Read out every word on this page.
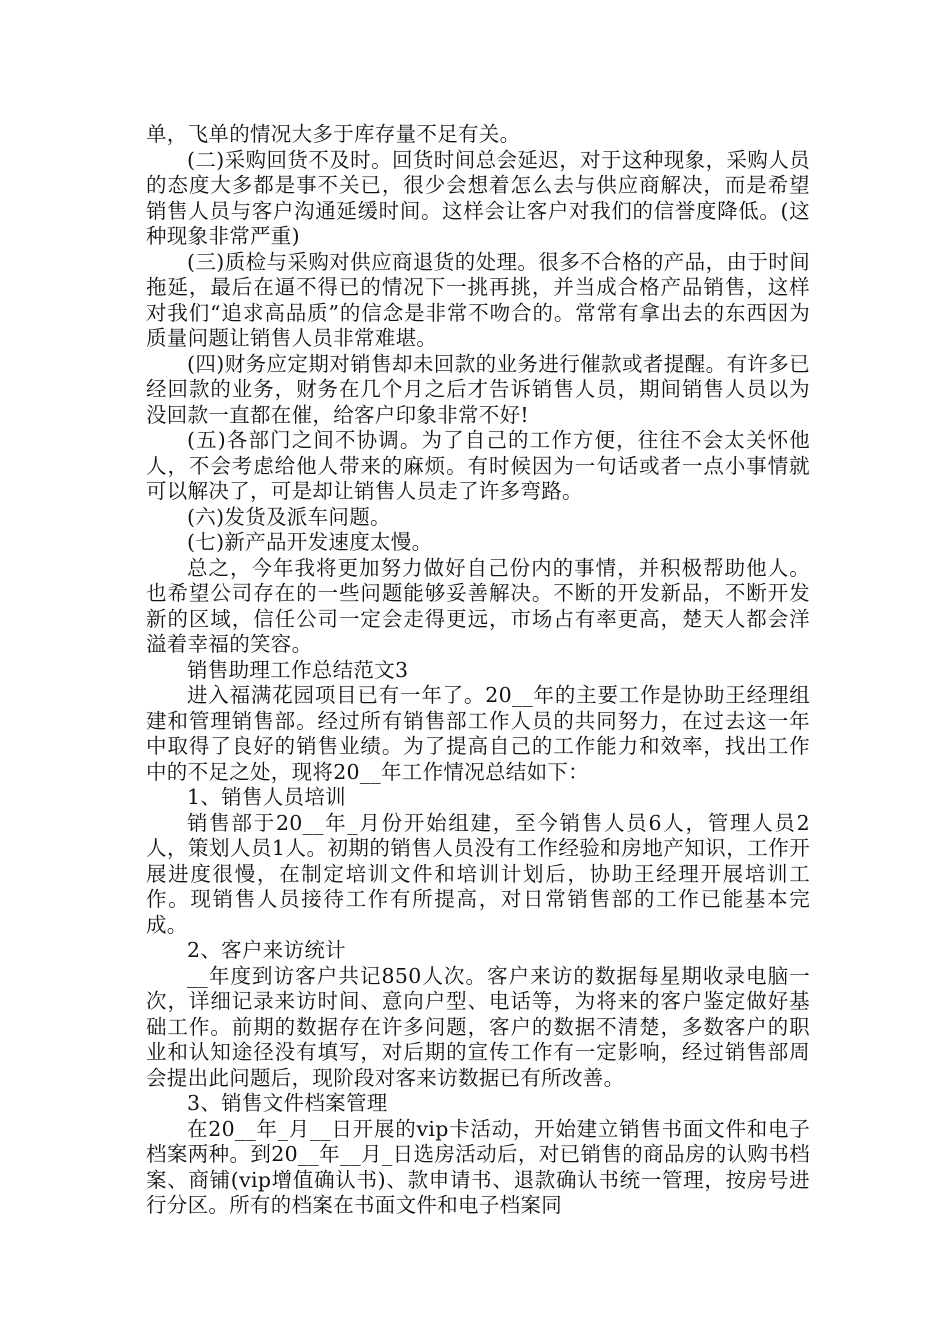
单，飞单的情况大多于库存量不足有关。

(二)采购回货不及时。回货时间总会延迟，对于这种现象，采购人员的态度大多都是事不关已，很少会想着怎么去与供应商解决，而是希望销售人员与客户沟通延缓时间。这样会让客户对我们的信誉度降低。(这种现象非常严重)

(三)质检与采购对供应商退货的处理。很多不合格的产品，由于时间拖延，最后在逼不得已的情况下一挑再挑，并当成合格产品销售，这样对我们“追求高品质”的信念是非常不吻合的。常常有拿出去的东西因为质量问题让销售人员非常难堪。

(四)财务应定期对销售却未回款的业务进行催款或者提醒。有许多已经回款的业务，财务在几个月之后才告诉销售人员，期间销售人员以为没回款一直都在催，给客户印象非常不好!

(五)各部门之间不协调。为了自己的工作方便，往往不会太关怀他人，不会考虑给他人带来的麻烦。有时候因为一句话或者一点小事情就可以解决了，可是却让销售人员走了许多弯路。

(六)发货及派车问题。

(七)新产品开发速度太慢。

总之，今年我将更加努力做好自己份内的事情，并积极帮助他人。也希望公司存在的一些问题能够妥善解决。不断的开发新品，不断开发新的区域，信任公司一定会走得更远，市场占有率更高，楚天人都会洋溢着幸福的笑容。

销售助理工作总结范文3

进入福满花园项目已有一年了。20__年的主要工作是协助王经理组建和管理销售部。经过所有销售部工作人员的共同努力，在过去这一年中取得了良好的销售业绩。为了提高自己的工作能力和效率，找出工作中的不足之处，现将20__年工作情况总结如下：

1、销售人员培训

销售部于20__年_月份开始组建，至今销售人员6人，管理人员2人，策划人员1人。初期的销售人员没有工作经验和房地产知识，工作开展进度很慢，在制定培训文件和培训计划后，协助王经理开展培训工作。现销售人员接待工作有所提高，对日常销售部的工作已能基本完成。

2、客户来访统计

__年度到访客户共记850人次。客户来访的数据每星期收录电脑一次，详细记录来访时间、意向户型、电话等，为将来的客户鉴定做好基础工作。前期的数据存在许多问题，客户的数据不清楚，多数客户的职业和认知途径没有填写，对后期的宣传工作有一定影响，经过销售部周会提出此问题后，现阶段对客来访数据已有所改善。

3、销售文件档案管理

在20__年_月__日开展的vip卡活动，开始建立销售书面文件和电子档案两种。到20__年__月_日选房活动后，对已销售的商品房的认购书档案、商铺(vip增值确认书)、款申请书、退款确认书统一管理，按房号进行分区。所有的档案在书面文件和电子档案同
